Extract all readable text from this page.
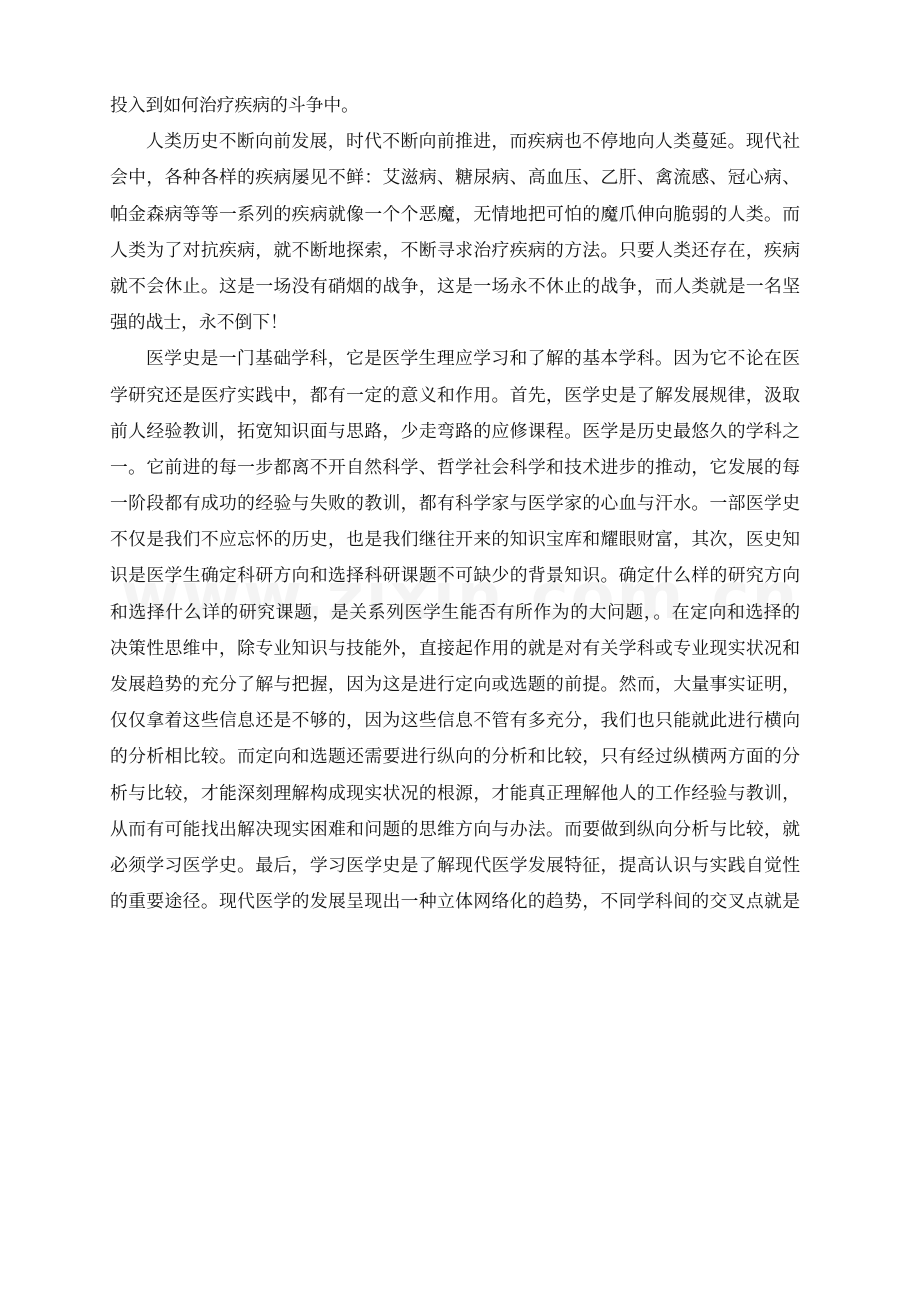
投入到如何治疗疾病的斗争中。
人类历史不断向前发展，时代不断向前推进，而疾病也不停地向人类蔓延。现代社
会中，各种各样的疾病屡见不鲜：艾滋病、糖尿病、高血压、乙肝、禽流感、冠心病、
帕金森病等等一系列的疾病就像一个个恶魔，无情地把可怕的魔爪伸向脆弱的人类。而
人类为了对抗疾病，就不断地探索，不断寻求治疗疾病的方法。只要人类还存在，疾病
就不会休止。这是一场没有硝烟的战争，这是一场永不休止的战争，而人类就是一名坚
强的战士，永不倒下！
医学史是一门基础学科，它是医学生理应学习和了解的基本学科。因为它不论在医
学研究还是医疗实践中，都有一定的意义和作用。首先，医学史是了解发展规律，汲取
前人经验教训，拓宽知识面与思路，少走弯路的应修课程。医学是历史最悠久的学科之
一。它前进的每一步都离不开自然科学、哲学社会科学和技术进步的推动，它发展的每
一阶段都有成功的经验与失败的教训，都有科学家与医学家的心血与汗水。一部医学史
不仅是我们不应忘怀的历史，也是我们继往开来的知识宝库和耀眼财富，其次，医史知
识是医学生确定科研方向和选择科研课题不可缺少的背景知识。确定什么样的研究方向
和选择什么详的研究课题，是关系列医学生能否有所作为的大问题，。在定向和选择的
决策性思维中，除专业知识与技能外，直接起作用的就是对有关学科或专业现实状况和
发展趋势的充分了解与把握，因为这是进行定向或选题的前提。然而，大量事实证明，
仅仅拿着这些信息还是不够的，因为这些信息不管有多充分，我们也只能就此进行横向
的分析相比较。而定向和选题还需要进行纵向的分析和比较，只有经过纵横两方面的分
析与比较，才能深刻理解构成现实状况的根源，才能真正理解他人的工作经验与教训，
从而有可能找出解决现实困难和问题的思维方向与办法。而要做到纵向分析与比较，就
必须学习医学史。最后，学习医学史是了解现代医学发展特征，提高认识与实践自觉性
的重要途径。现代医学的发展呈现出一种立体网络化的趋势，不同学科间的交叉点就是
